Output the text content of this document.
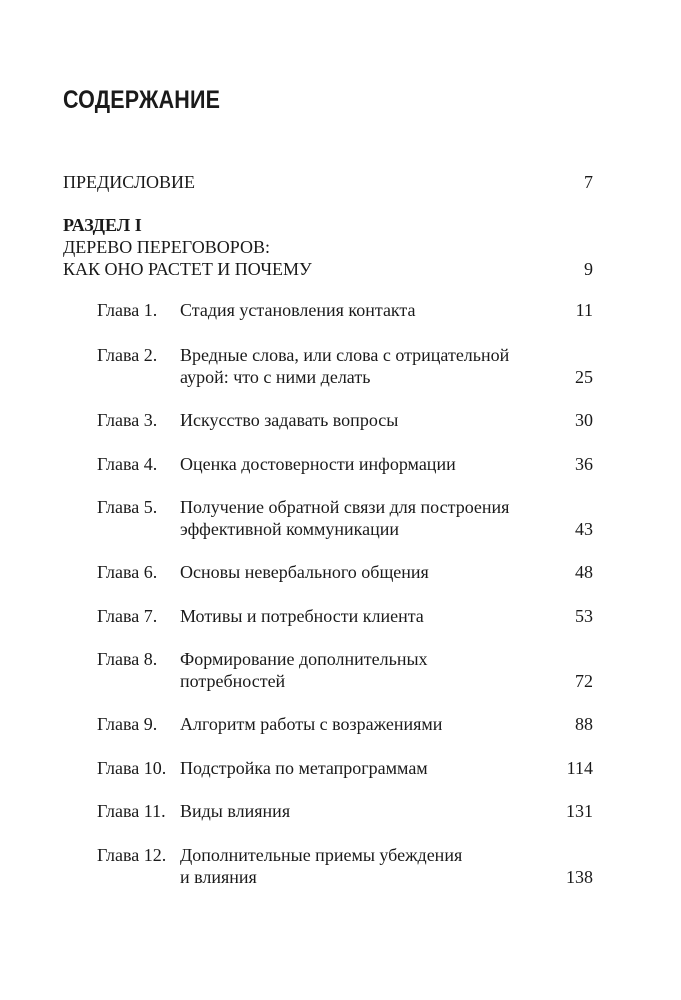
СОДЕРЖАНИЕ
ПРЕДИСЛОВИЕ	7
РАЗДЕЛ I
ДЕРЕВО ПЕРЕГОВОРОВ:
КАК ОНО РАСТЕТ И ПОЧЕМУ	9
Глава 1. Стадия установления контакта	11
Глава 2. Вредные слова, или слова с отрицательной
аурой: что с ними делать	25
Глава 3. Искусство задавать вопросы	30
Глава 4. Оценка достоверности информации	36
Глава 5. Получение обратной связи для построения
эффективной коммуникации	43
Глава 6. Основы невербального общения	48
Глава 7. Мотивы и потребности клиента	53
Глава 8. Формирование дополнительных
потребностей	72
Глава 9. Алгоритм работы с возражениями	88
Глава 10. Подстройка по метапрограммам	114
Глава 11. Виды влияния	131
Глава 12. Дополнительные приемы убеждения
и влияния	138
